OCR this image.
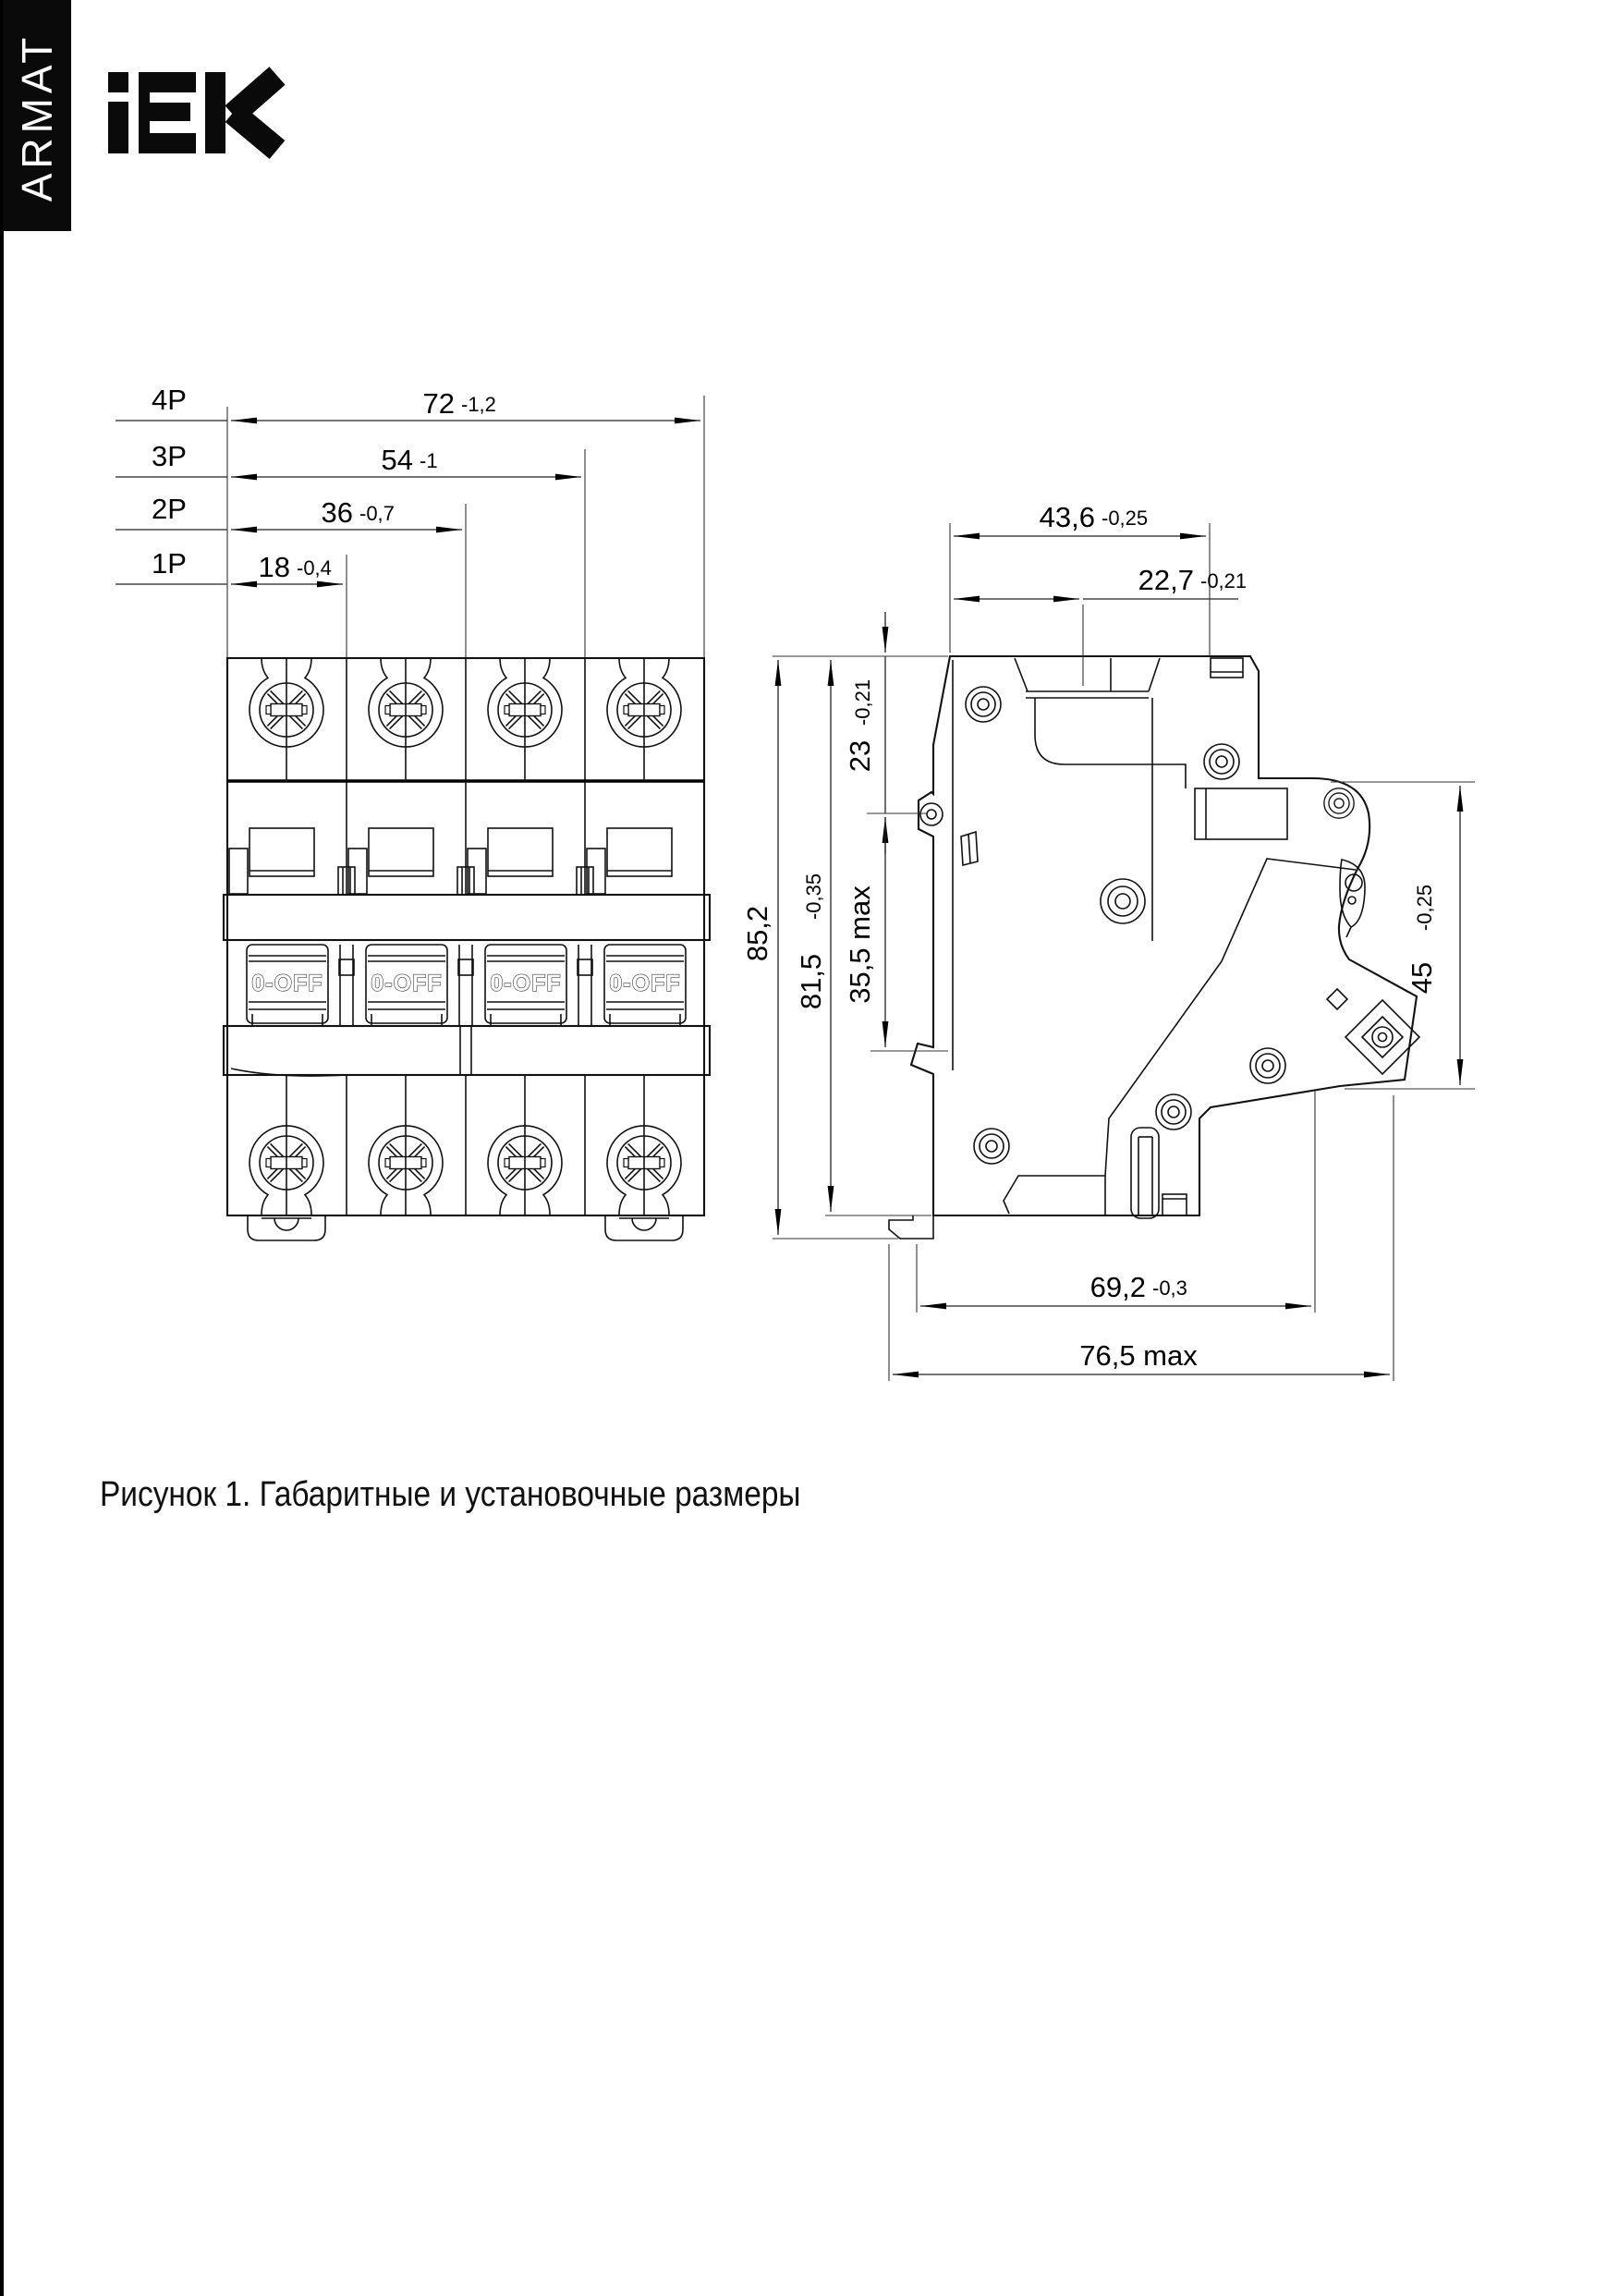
ARMAT
4P
3P
2P
1P
72 -1,2
54 -1
36 -0,7
18 -0,4
0-OFF 0-OFF 0-OFF 0-OFF
43,6 -0,25
22,7 -0,21
23
-0,21
35,5 max
81,5
-0,35
85,2
45
-0,25
69,2 -0,3
76,5 max
Рисунок 1. Габаритные и установочные размеры
